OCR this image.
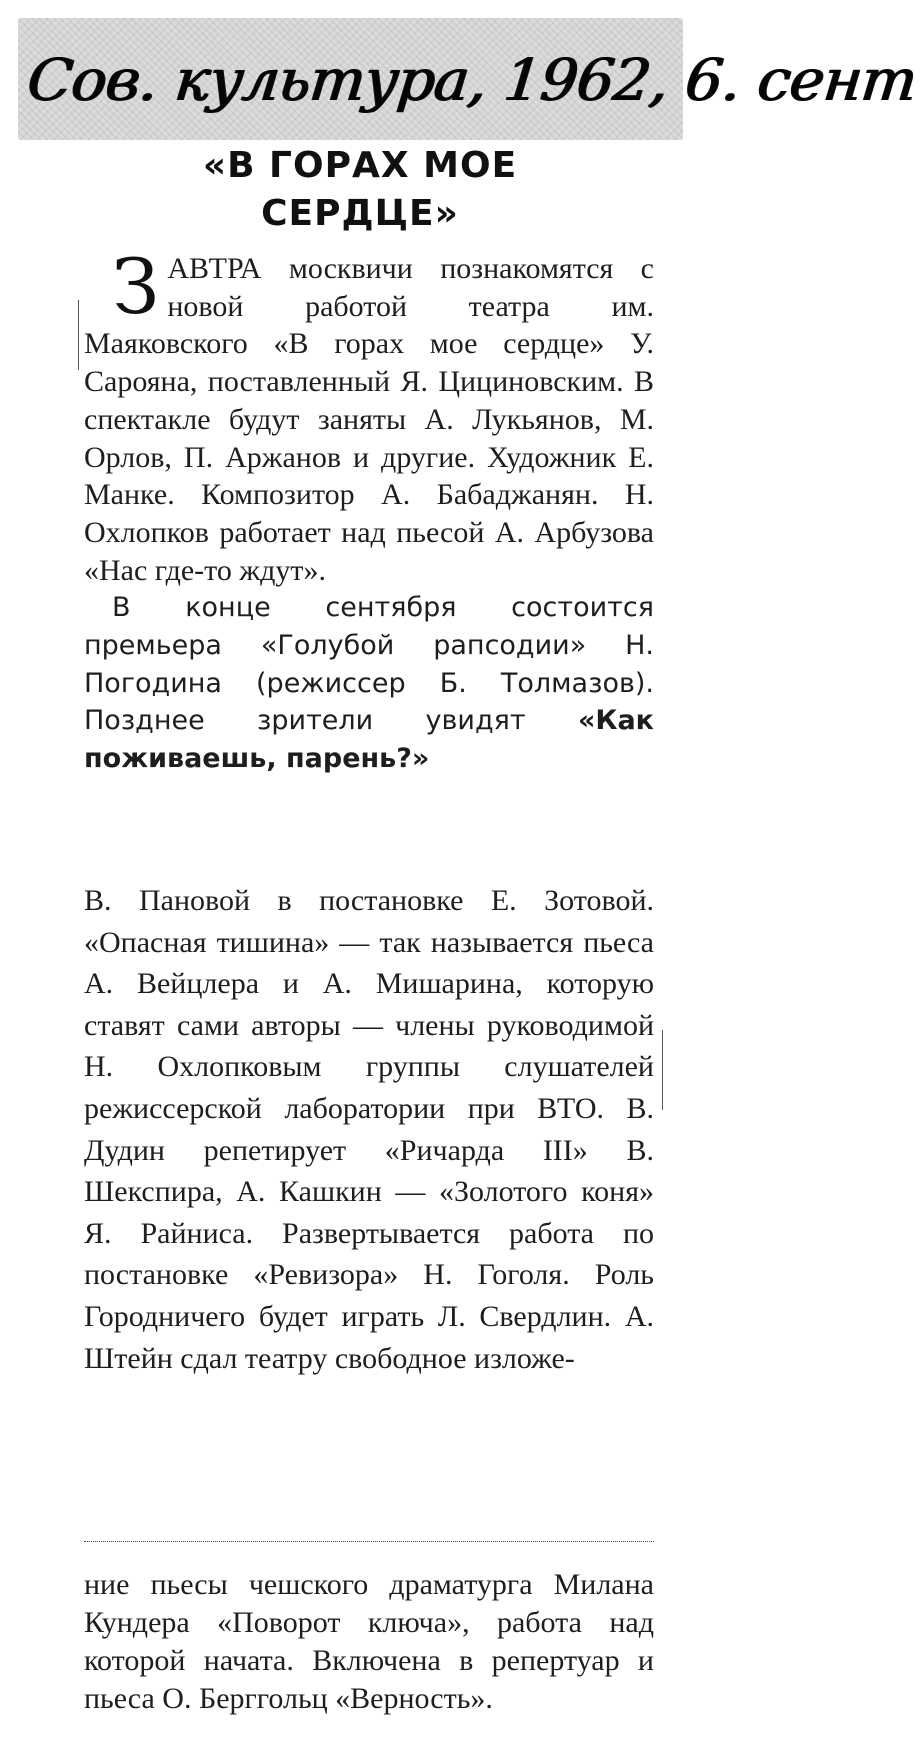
Сов. культура, 1962, 6. сент
«В ГОРАХ МОЕ
СЕРДЦЕ»

ЗАВТРА москвичи познакомятся с новой работой театра им. Маяковского «В горах мое сердце» У. Сарояна, поставленный Я. Цициновским. В спектакле будут заняты А. Лукьянов, М. Орлов, П. Аржанов и другие. Художник Е. Манке. Композитор А. Бабаджанян. Н. Охлопков работает над пьесой А. Арбузова «Нас где-то ждут».

В конце сентября состоится премьера «Голубой рапсодии» Н. Погодина (режиссер Б. Толмазов). Позднее зрители увидят «Как поживаешь, парень?»

В. Пановой в постановке Е. Зотовой. «Опасная тишина» — так называется пьеса А. Вейцлера и А. Мишарина, которую ставят сами авторы — члены руководимой Н. Охлопковым группы слушателей режиссерской лаборатории при ВТО. В. Дудин репетирует «Ричарда III» В. Шекспира, А. Кашкин — «Золотого коня» Я. Райниса. Развертывается работа по постановке «Ревизора» Н. Гоголя. Роль Городничего будет играть Л. Свердлин. А. Штейн сдал театру свободное изложе-

ние пьесы чешского драматурга Милана Кундера «Поворот ключа», работа над которой начата. Включена в репертуар и пьеса О. Берггольц «Верность».
